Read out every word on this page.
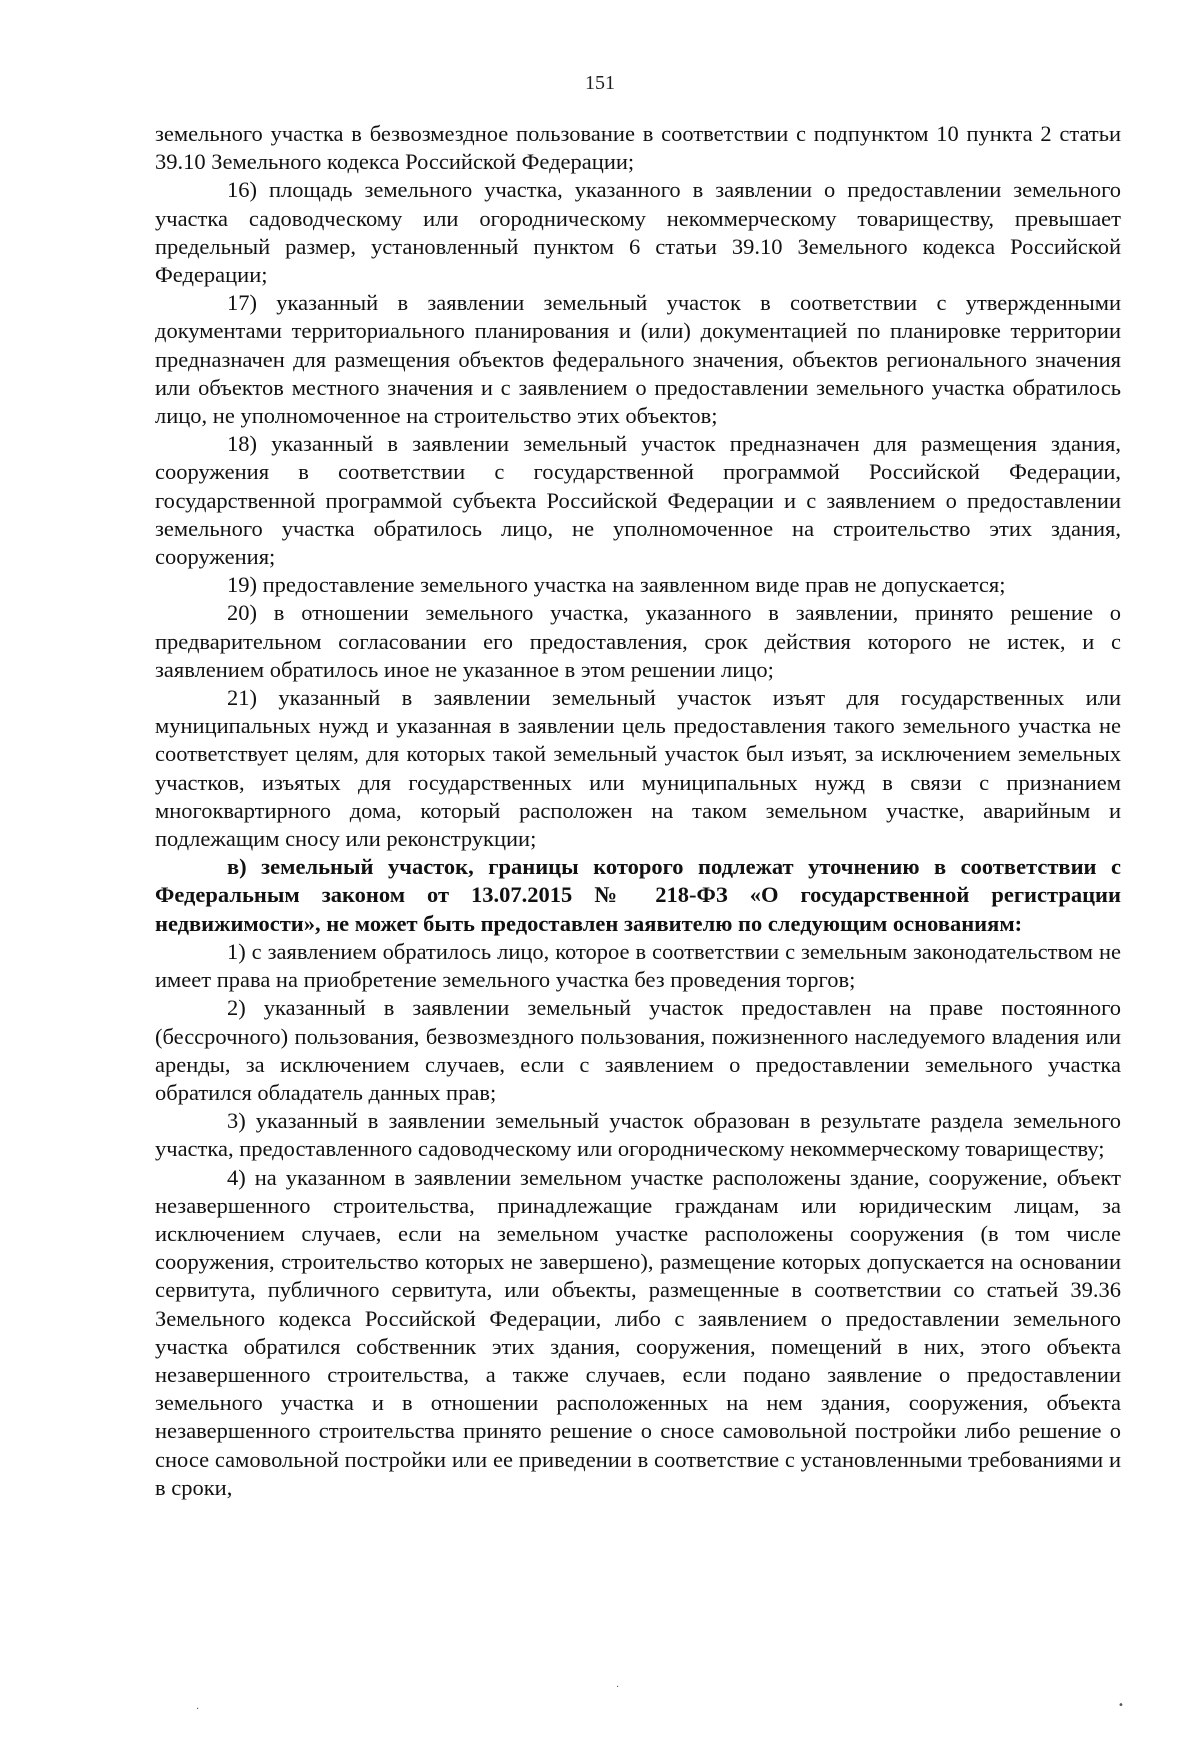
151

земельного участка в безвозмездное пользование в соответствии с подпунктом 10 пункта 2 статьи 39.10 Земельного кодекса Российской Федерации;

16) площадь земельного участка, указанного в заявлении о предоставлении земельного участка садоводческому или огородническому некоммерческому товариществу, превышает предельный размер, установленный пунктом 6 статьи 39.10 Земельного кодекса Российской Федерации;

17) указанный в заявлении земельный участок в соответствии с утвержденными документами территориального планирования и (или) документацией по планировке территории предназначен для размещения объектов федерального значения, объектов регионального значения или объектов местного значения и с заявлением о предоставлении земельного участка обратилось лицо, не уполномоченное на строительство этих объектов;

18) указанный в заявлении земельный участок предназначен для размещения здания, сооружения в соответствии с государственной программой Российской Федерации, государственной программой субъекта Российской Федерации и с заявлением о предоставлении земельного участка обратилось лицо, не уполномоченное на строительство этих здания, сооружения;

19) предоставление земельного участка на заявленном виде прав не допускается;

20) в отношении земельного участка, указанного в заявлении, принято решение о предварительном согласовании его предоставления, срок действия которого не истек, и с заявлением обратилось иное не указанное в этом решении лицо;

21) указанный в заявлении земельный участок изъят для государственных или муниципальных нужд и указанная в заявлении цель предоставления такого земельного участка не соответствует целям, для которых такой земельный участок был изъят, за исключением земельных участков, изъятых для государственных или муниципальных нужд в связи с признанием многоквартирного дома, который расположен на таком земельном участке, аварийным и подлежащим сносу или реконструкции;

в) земельный участок, границы которого подлежат уточнению в соответствии с Федеральным законом от 13.07.2015 № 218-ФЗ «О государственной регистрации недвижимости», не может быть предоставлен заявителю по следующим основаниям:

1) с заявлением обратилось лицо, которое в соответствии с земельным законодательством не имеет права на приобретение земельного участка без проведения торгов;

2) указанный в заявлении земельный участок предоставлен на праве постоянного (бессрочного) пользования, безвозмездного пользования, пожизненного наследуемого владения или аренды, за исключением случаев, если с заявлением о предоставлении земельного участка обратился обладатель данных прав;

3) указанный в заявлении земельный участок образован в результате раздела земельного участка, предоставленного садоводческому или огородническому некоммерческому товариществу;

4) на указанном в заявлении земельном участке расположены здание, сооружение, объект незавершенного строительства, принадлежащие гражданам или юридическим лицам, за исключением случаев, если на земельном участке расположены сооружения (в том числе сооружения, строительство которых не завершено), размещение которых допускается на основании сервитута, публичного сервитута, или объекты, размещенные в соответствии со статьей 39.36 Земельного кодекса Российской Федерации, либо с заявлением о предоставлении земельного участка обратился собственник этих здания, сооружения, помещений в них, этого объекта незавершенного строительства, а также случаев, если подано заявление о предоставлении земельного участка и в отношении расположенных на нем здания, сооружения, объекта незавершенного строительства принято решение о сносе самовольной постройки либо решение о сносе самовольной постройки или ее приведении в соответствие с установленными требованиями и в сроки,

·
·
•
